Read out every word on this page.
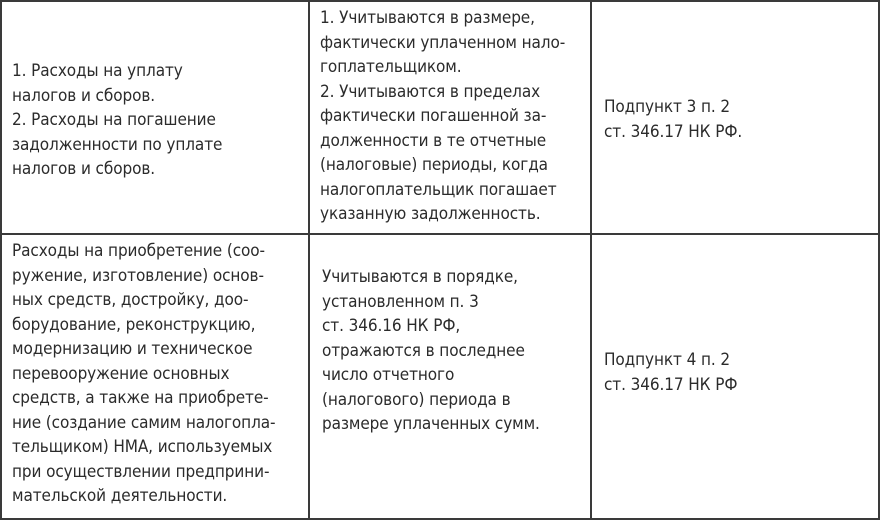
1. Расходы на уплату
налогов и сборов.
2. Расходы на погашение
задолженности по уплате
налогов и сборов.
1. Учитываются в размере,
фактически уплаченном нало-
гоплательщиком.
2. Учитываются в пределах
фактически погашенной за-
долженности в те отчетные
(налоговые) периоды, когда
налогоплательщик погашает
указанную задолженность.
Подпункт 3 п. 2
ст. 346.17 НК РФ.
Расходы на приобретение (соо-
ружение, изготовление) основ-
ных средств, достройку, доо-
борудование, реконструкцию,
модернизацию и техническое
перевооружение основных
средств, а также на приобрете-
ние (создание самим налогопла-
тельщиком) НМА, используемых
при осуществлении предприни-
мательской деятельности.
Учитываются в порядке,
установленном п. 3
ст. 346.16 НК РФ,
отражаются в последнее
число отчетного
(налогового) периода в
размере уплаченных сумм.
Подпункт 4 п. 2
ст. 346.17 НК РФ
